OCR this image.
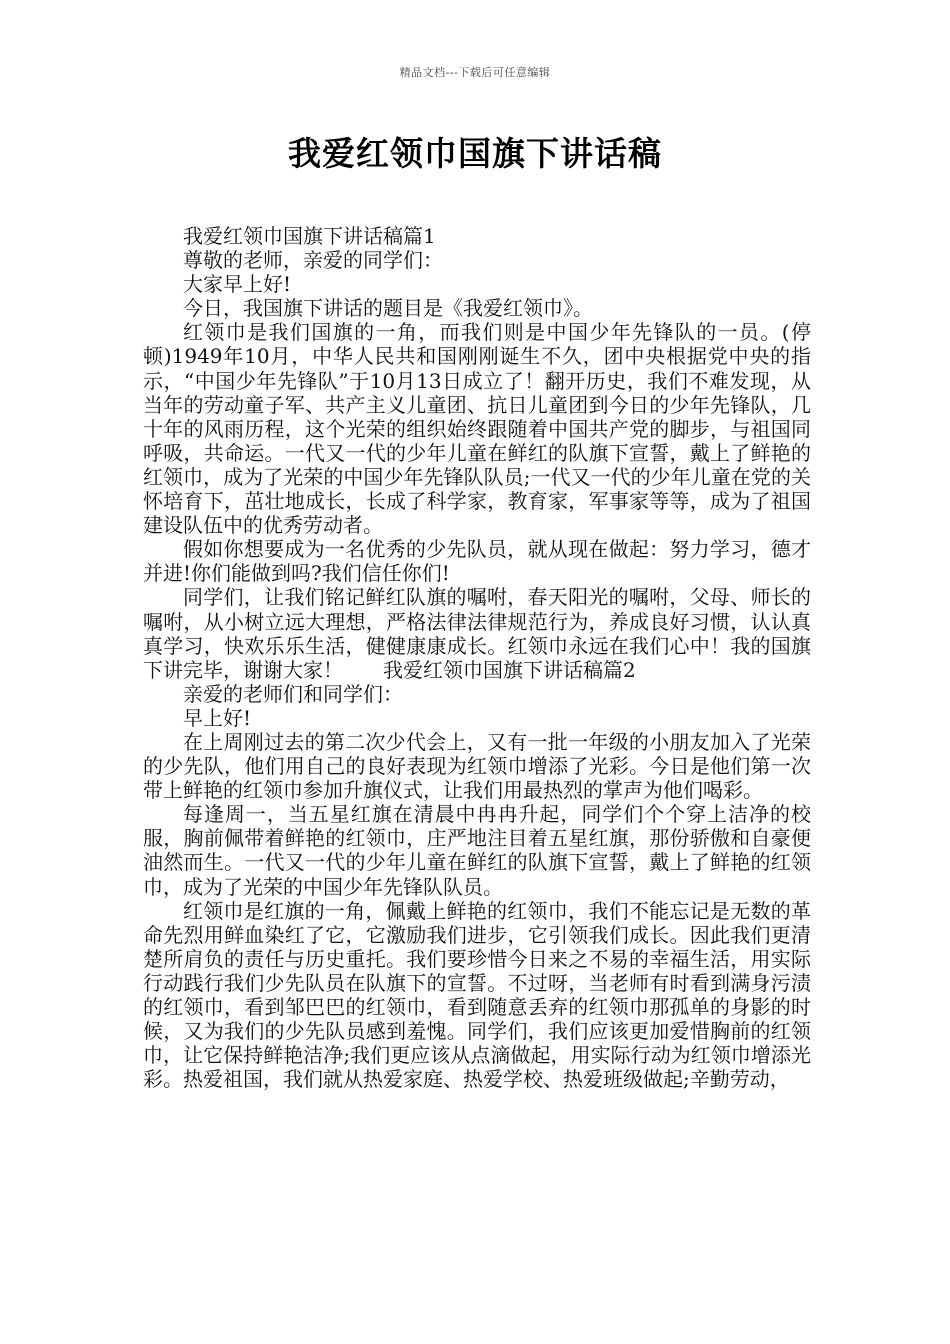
精品文档---下载后可任意编辑
我爱红领巾国旗下讲话稿

我爱红领巾国旗下讲话稿篇1

尊敬的老师，亲爱的同学们：

大家早上好!

今日，我国旗下讲话的题目是《我爱红领巾》。

红领巾是我们国旗的一角，而我们则是中国少年先锋队的一员。(停顿)1949年10月，中华人民共和国刚刚诞生不久，团中央根据党中央的指示，“中国少年先锋队”于10月13日成立了！翻开历史，我们不难发现，从当年的劳动童子军、共产主义儿童团、抗日儿童团到今日的少年先锋队，几十年的风雨历程，这个光荣的组织始终跟随着中国共产党的脚步，与祖国同呼吸，共命运。一代又一代的少年儿童在鲜红的队旗下宣誓，戴上了鲜艳的红领巾，成为了光荣的中国少年先锋队队员;一代又一代的少年儿童在党的关怀培育下，茁壮地成长，长成了科学家，教育家，军事家等等，成为了祖国建设队伍中的优秀劳动者。

假如你想要成为一名优秀的少先队员，就从现在做起：努力学习，德才并进!你们能做到吗?我们信任你们!

同学们，让我们铭记鲜红队旗的嘱咐，春天阳光的嘱咐，父母、师长的嘱咐，从小树立远大理想，严格法律法律规范行为，养成良好习惯，认认真真学习，快欢乐乐生活，健健康康成长。红领巾永远在我们心中！我的国旗下讲完毕，谢谢大家！　　我爱红领巾国旗下讲话稿篇2

亲爱的老师们和同学们：

早上好!

在上周刚过去的第二次少代会上，又有一批一年级的小朋友加入了光荣的少先队，他们用自己的良好表现为红领巾增添了光彩。今日是他们第一次带上鲜艳的红领巾参加升旗仪式，让我们用最热烈的掌声为他们喝彩。

每逢周一，当五星红旗在清晨中冉冉升起，同学们个个穿上洁净的校服，胸前佩带着鲜艳的红领巾，庄严地注目着五星红旗，那份骄傲和自豪便油然而生。一代又一代的少年儿童在鲜红的队旗下宣誓，戴上了鲜艳的红领巾，成为了光荣的中国少年先锋队队员。

红领巾是红旗的一角，佩戴上鲜艳的红领巾，我们不能忘记是无数的革命先烈用鲜血染红了它，它激励我们进步，它引领我们成长。因此我们更清楚所肩负的责任与历史重托。我们要珍惜今日来之不易的幸福生活，用实际行动践行我们少先队员在队旗下的宣誓。不过呀，当老师有时看到满身污渍的红领巾，看到邹巴巴的红领巾，看到随意丢弃的红领巾那孤单的身影的时候，又为我们的少先队员感到羞愧。同学们，我们应该更加爱惜胸前的红领巾，让它保持鲜艳洁净;我们更应该从点滴做起，用实际行动为红领巾增添光彩。热爱祖国，我们就从热爱家庭、热爱学校、热爱班级做起;辛勤劳动，
